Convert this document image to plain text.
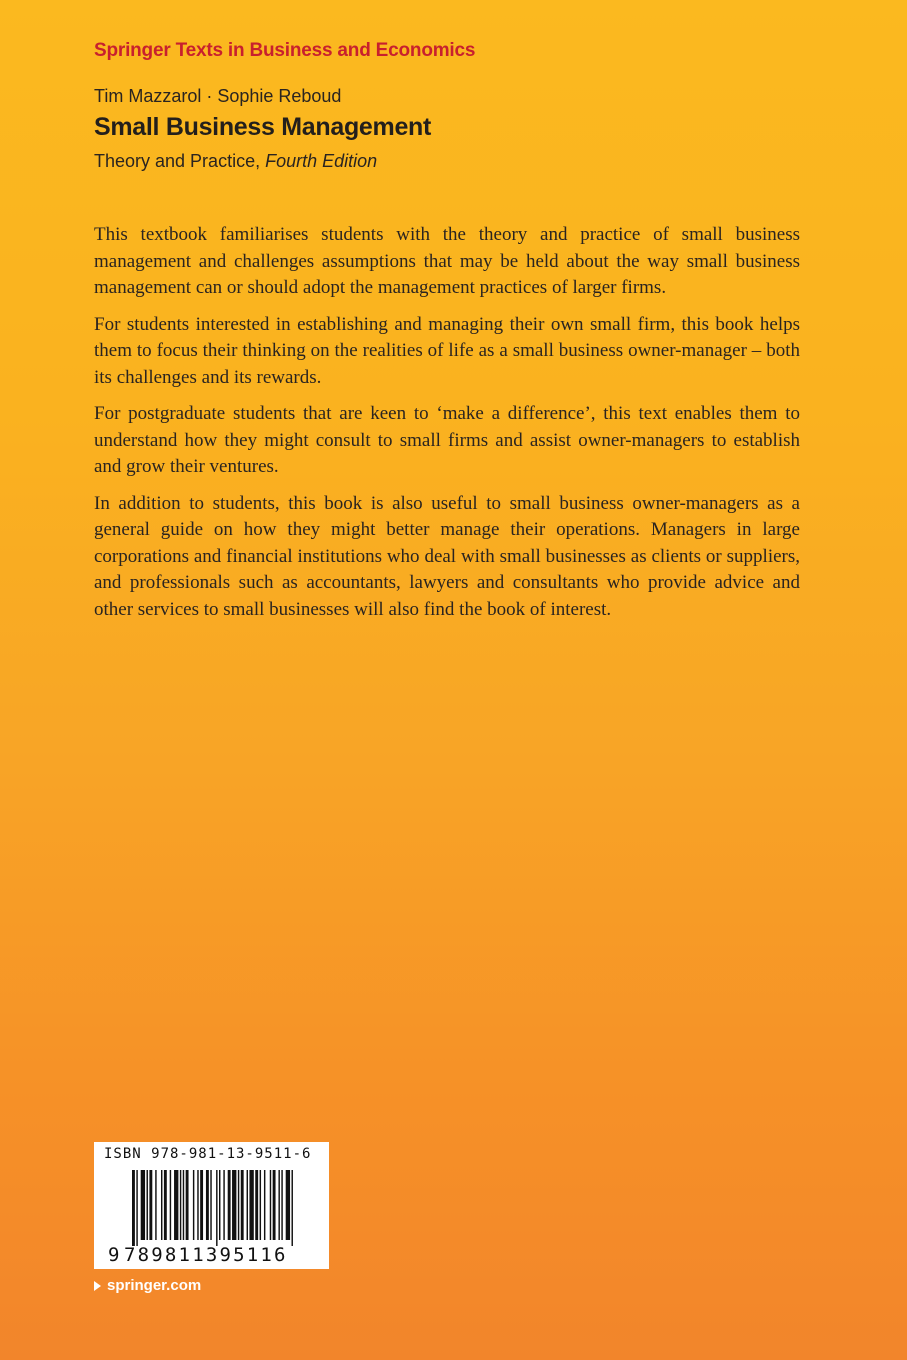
Springer Texts in Business and Economics
Tim Mazzarol · Sophie Reboud
Small Business Management
Theory and Practice, Fourth Edition

This textbook familiarises students with the theory and practice of small business management and challenges assumptions that may be held about the way small business management can or should adopt the management practices of larger firms.

For students interested in establishing and managing their own small firm, this book helps them to focus their thinking on the realities of life as a small business owner-manager – both its challenges and its rewards.

For postgraduate students that are keen to ‘make a difference’, this text enables them to understand how they might consult to small firms and assist owner-managers to establish and grow their ventures.

In addition to students, this book is also useful to small business owner-managers as a general guide on how they might better manage their operations. Managers in large corporations and financial institutions who deal with small businesses as clients or suppliers, and professionals such as accountants, lawyers and consultants who provide advice and other services to small businesses will also find the book of interest.

ISBN 978-981-13-9511-6
9 789811395116
springer.com
